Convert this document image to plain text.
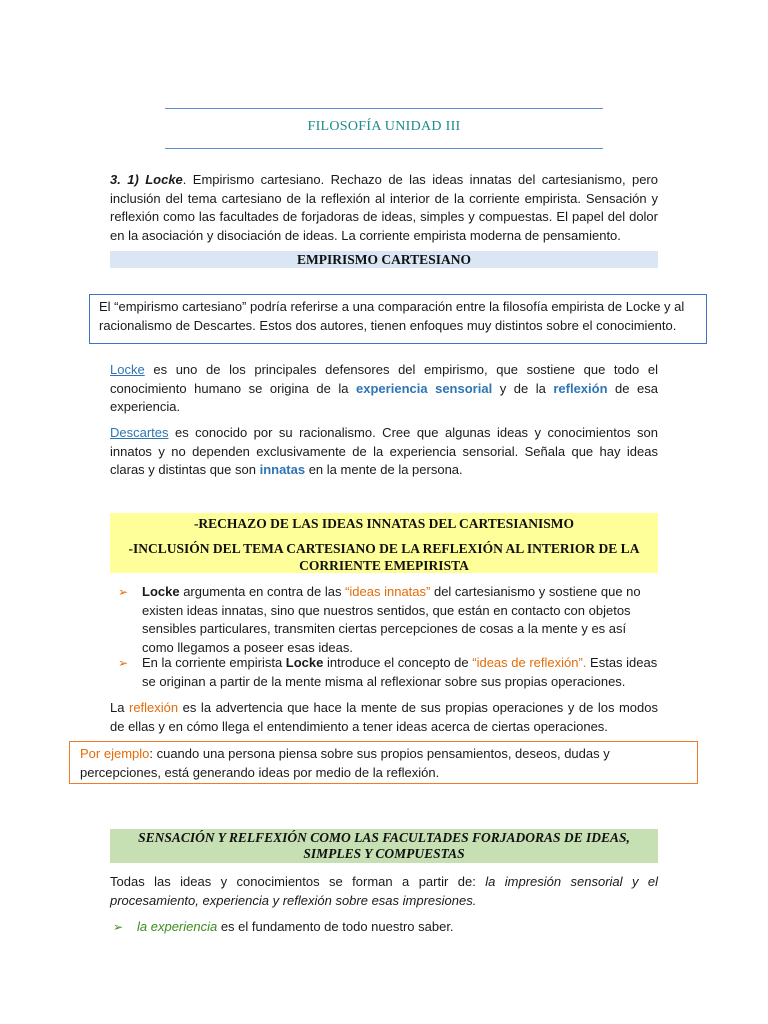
FILOSOFÍA UNIDAD III
3. 1) Locke. Empirismo cartesiano. Rechazo de las ideas innatas del cartesianismo, pero inclusión del tema cartesiano de la reflexión al interior de la corriente empirista. Sensación y reflexión como las facultades de forjadoras de ideas, simples y compuestas. El papel del dolor en la asociación y disociación de ideas. La corriente empirista moderna de pensamiento.
EMPIRISMO CARTESIANO
El “empirismo cartesiano” podría referirse a una comparación entre la filosofía empirista de Locke y al racionalismo de Descartes. Estos dos autores, tienen enfoques muy distintos sobre el conocimiento.
Locke es uno de los principales defensores del empirismo, que sostiene que todo el conocimiento humano se origina de la experiencia sensorial y de la reflexión de esa experiencia.
Descartes es conocido por su racionalismo. Cree que algunas ideas y conocimientos son innatos y no dependen exclusivamente de la experiencia sensorial. Señala que hay ideas claras y distintas que son innatas en la mente de la persona.
-RECHAZO DE LAS IDEAS INNATAS DEL CARTESIANISMO
-INCLUSIÓN DEL TEMA CARTESIANO DE LA REFLEXIÓN AL INTERIOR DE LA CORRIENTE EMEPIRISTA
➢ Locke argumenta en contra de las “ideas innatas” del cartesianismo y sostiene que no existen ideas innatas, sino que nuestros sentidos, que están en contacto con objetos sensibles particulares, transmiten ciertas percepciones de cosas a la mente y es así como llegamos a poseer esas ideas.
➢ En la corriente empirista Locke introduce el concepto de “ideas de reflexión”. Estas ideas se originan a partir de la mente misma al reflexionar sobre sus propias operaciones.
La reflexión es la advertencia que hace la mente de sus propias operaciones y de los modos de ellas y en cómo llega el entendimiento a tener ideas acerca de ciertas operaciones.
Por ejemplo: cuando una persona piensa sobre sus propios pensamientos, deseos, dudas y percepciones, está generando ideas por medio de la reflexión.
SENSACIÓN Y RELFEXIÓN COMO LAS FACULTADES FORJADORAS DE IDEAS, SIMPLES Y COMPUESTAS
Todas las ideas y conocimientos se forman a partir de: la impresión sensorial y el procesamiento, experiencia y reflexión sobre esas impresiones.
➢ la experiencia es el fundamento de todo nuestro saber.
